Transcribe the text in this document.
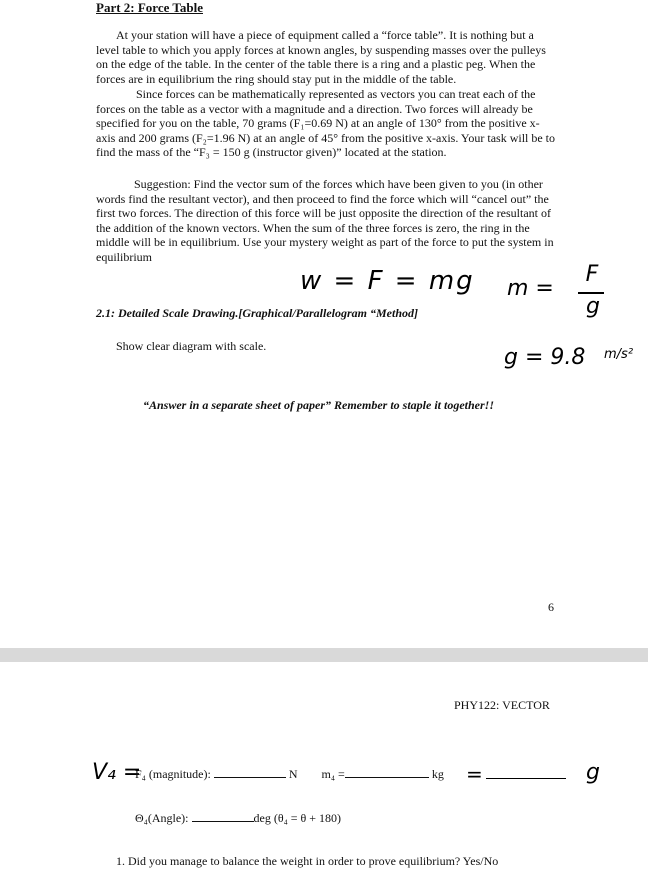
Part 2: Force Table
At your station will have a piece of equipment called a “force table”. It is nothing but a level table to which you apply forces at known angles, by suspending masses over the pulleys on the edge of the table. In the center of the table there is a ring and a plastic peg. When the forces are in equilibrium the ring should stay put in the middle of the table.
Since forces can be mathematically represented as vectors you can treat each of the forces on the table as a vector with a magnitude and a direction. Two forces will already be specified for you on the table, 70 grams (F₁=0.69 N) at an angle of 130° from the positive x-axis and 200 grams (F₂=1.96 N) at an angle of 45° from the positive x-axis. Your task will be to find the mass of the “F₃ = 150 g (instructor given)” located at the station.
Suggestion: Find the vector sum of the forces which have been given to you (in other words find the resultant vector), and then proceed to find the force which will “cancel out” the first two forces. The direction of this force will be just opposite the direction of the resultant of the addition of the known vectors. When the sum of the three forces is zero, the ring in the middle will be in equilibrium. Use your mystery weight as part of the force to put the system in equilibrium
w = F = mg m =
F
g
g = 9.8 m/s²
2.1: Detailed Scale Drawing.[Graphical/Parallelogram “Method]
Show clear diagram with scale.
“Answer in a separate sheet of paper” Remember to staple it together!!
6
PHY122: VECTOR
V₄ =
F₄ (magnitude):	N m₄ =	kg =	g
Θ₄(Angle):	deg (θ₄ = θ + 180)
1. Did you manage to balance the weight in order to prove equilibrium? Yes/No
